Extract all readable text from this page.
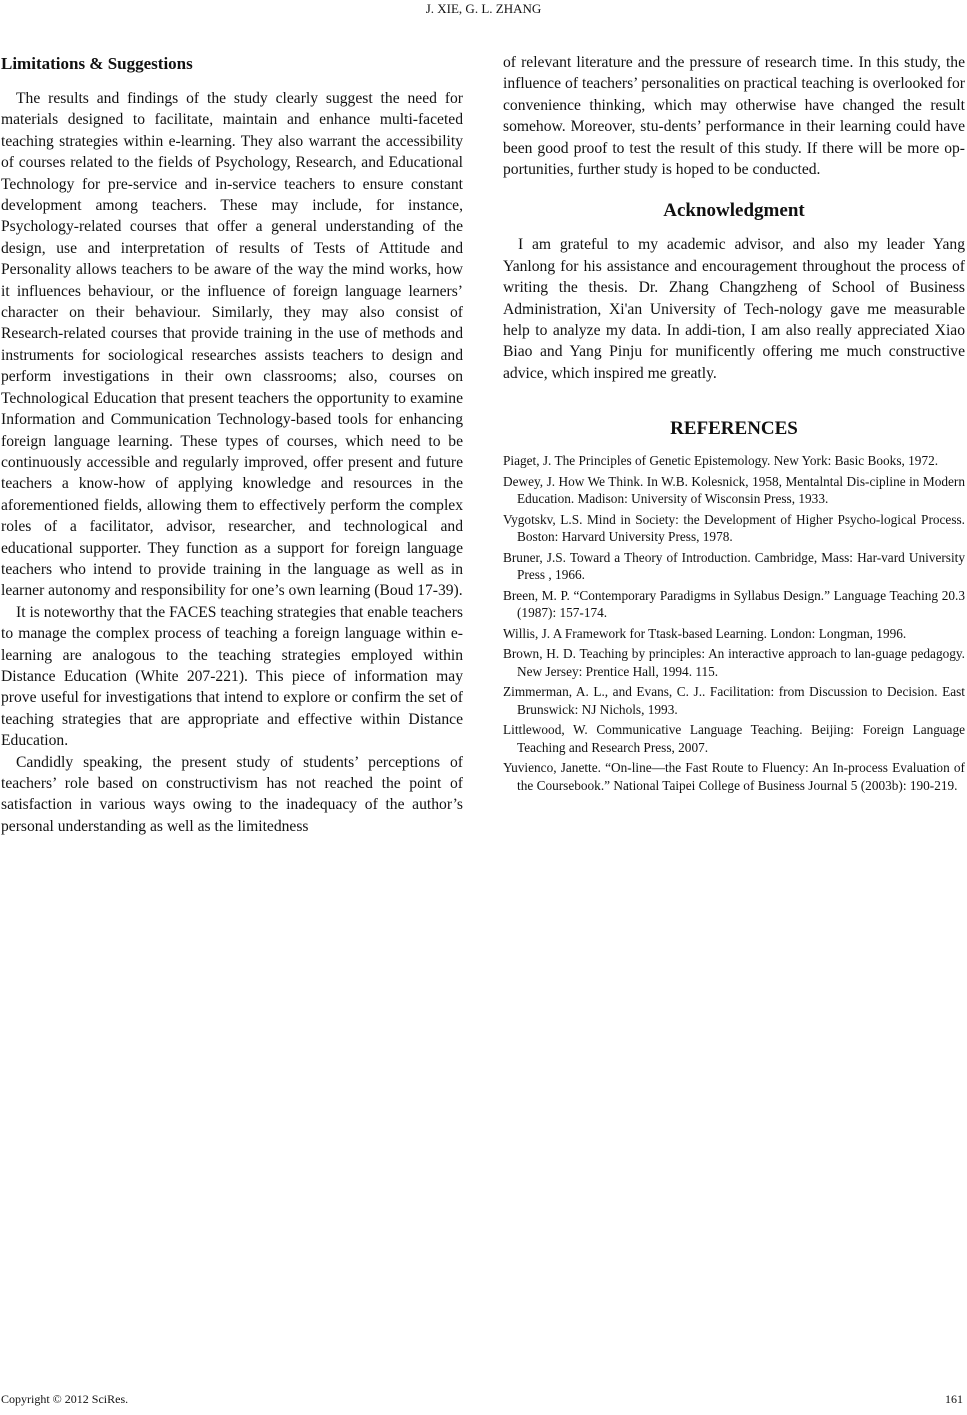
J. XIE, G. L. ZHANG
Limitations & Suggestions

The results and findings of the study clearly suggest the need for materials designed to facilitate, maintain and enhance multi-faceted teaching strategies within e-learning. They also warrant the accessibility of courses related to the fields of Psychology, Research, and Educational Technology for pre-service and in-service teachers to ensure constant development among teachers. These may include, for instance, Psychology-related courses that offer a general understanding of the design, use and interpretation of results of Tests of Attitude and Personality allows teachers to be aware of the way the mind works, how it influences behaviour, or the influence of foreign language learners’ character on their behaviour. Similarly, they may also consist of Research-related courses that provide training in the use of methods and instruments for sociological researches assists teachers to design and perform investigations in their own classrooms; also, courses on Technological Education that present teachers the opportunity to examine Information and Communication Technology-based tools for enhancing foreign language learning. These types of courses, which need to be continuously accessible and regularly improved, offer present and future teachers a know-how of applying knowledge and resources in the aforementioned fields, allowing them to effectively perform the complex roles of a facilitator, advisor, researcher, and technological and educational supporter. They function as a support for foreign language teachers who intend to provide training in the language as well as in learner autonomy and responsibility for one’s own learning (Boud 17-39).

It is noteworthy that the FACES teaching strategies that enable teachers to manage the complex process of teaching a foreign language within e-learning are analogous to the teaching strategies employed within Distance Education (White 207-221). This piece of information may prove useful for investigations that intend to explore or confirm the set of teaching strategies that are appropriate and effective within Distance Education.

Candidly speaking, the present study of students’ perceptions of teachers’ role based on constructivism has not reached the point of satisfaction in various ways owing to the inadequacy of the author’s personal understanding as well as the limitedness

of relevant literature and the pressure of research time. In this study, the influence of teachers’ personalities on practical teaching is overlooked for convenience thinking, which may otherwise have changed the result somehow. Moreover, stu-dents’ performance in their learning could have been good proof to test the result of this study. If there will be more op-portunities, further study is hoped to be conducted.

Acknowledgment

I am grateful to my academic advisor, and also my leader Yang Yanlong for his assistance and encouragement throughout the process of writing the thesis. Dr. Zhang Changzheng of School of Business Administration, Xi'an University of Tech-nology gave me measurable help to analyze my data. In addi-tion, I am also really appreciated Xiao Biao and Yang Pinju for munificently offering me much constructive advice, which inspired me greatly.

REFERENCES
Piaget, J. The Principles of Genetic Epistemology. New York: Basic Books, 1972.
Dewey, J. How We Think. In W.B. Kolesnick, 1958, Mentalntal Dis-cipline in Modern Education. Madison: University of Wisconsin Press, 1933.
Vygotskv, L.S. Mind in Society: the Development of Higher Psycho-logical Process. Boston: Harvard University Press, 1978.
Bruner, J.S. Toward a Theory of Introduction. Cambridge, Mass: Har-vard University Press , 1966.
Breen, M. P. “Contemporary Paradigms in Syllabus Design.” Language Teaching 20.3 (1987): 157-174.
Willis, J. A Framework for Ttask-based Learning. London: Longman, 1996.
Brown, H. D. Teaching by principles: An interactive approach to lan-guage pedagogy. New Jersey: Prentice Hall, 1994. 115.
Zimmerman, A. L., and Evans, C. J.. Facilitation: from Discussion to Decision. East Brunswick: NJ Nichols, 1993.
Littlewood, W. Communicative Language Teaching. Beijing: Foreign Language Teaching and Research Press, 2007.
Yuvienco, Janette. “On-line—the Fast Route to Fluency: An In-process Evaluation of the Coursebook.” National Taipei College of Business Journal 5 (2003b): 190-219.
Copyright © 2012 SciRes.	161
